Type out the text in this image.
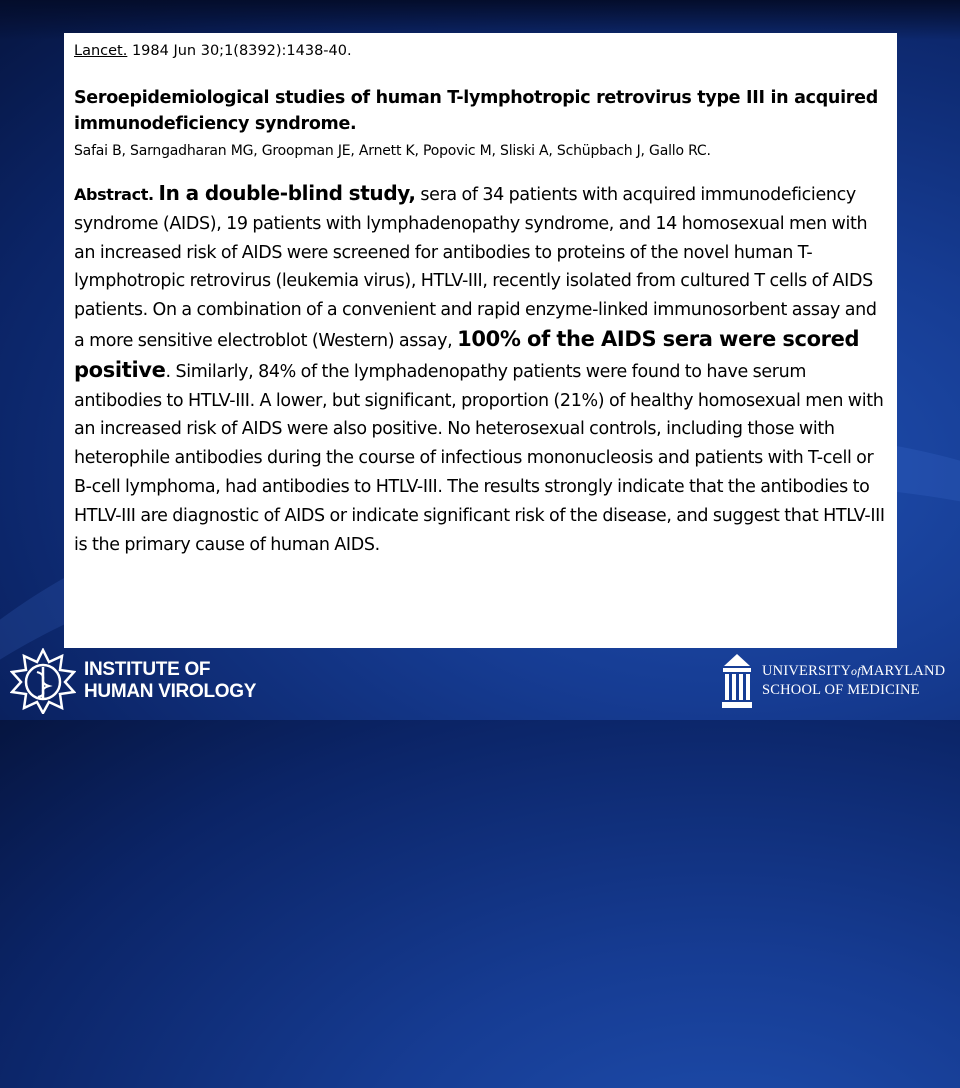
Lancet. 1984 Jun 30;1(8392):1438-40.

Seroepidemiological studies of human T-lymphotropic retrovirus type III in acquired immunodeficiency syndrome.

Safai B, Sarngadharan MG, Groopman JE, Arnett K, Popovic M, Sliski A, Schüpbach J, Gallo RC.

Abstract. In a double-blind study, sera of 34 patients with acquired immunodeficiency syndrome (AIDS), 19 patients with lymphadenopathy syndrome, and 14 homosexual men with an increased risk of AIDS were screened for antibodies to proteins of the novel human T-lymphotropic retrovirus (leukemia virus), HTLV-III, recently isolated from cultured T cells of AIDS patients. On a combination of a convenient and rapid enzyme-linked immunosorbent assay and a more sensitive electroblot (Western) assay, 100% of the AIDS sera were scored positive. Similarly, 84% of the lymphadenopathy patients were found to have serum antibodies to HTLV-III. A lower, but significant, proportion (21%) of healthy homosexual men with an increased risk of AIDS were also positive. No heterosexual controls, including those with heterophile antibodies during the course of infectious mononucleosis and patients with T-cell or B-cell lymphoma, had antibodies to HTLV-III. The results strongly indicate that the antibodies to HTLV-III are diagnostic of AIDS or indicate significant risk of the disease, and suggest that HTLV-III is the primary cause of human AIDS.

INSTITUTE OF
HUMAN VIROLOGY
UNIVERSITYofMARYLAND
SCHOOL OF MEDICINE
